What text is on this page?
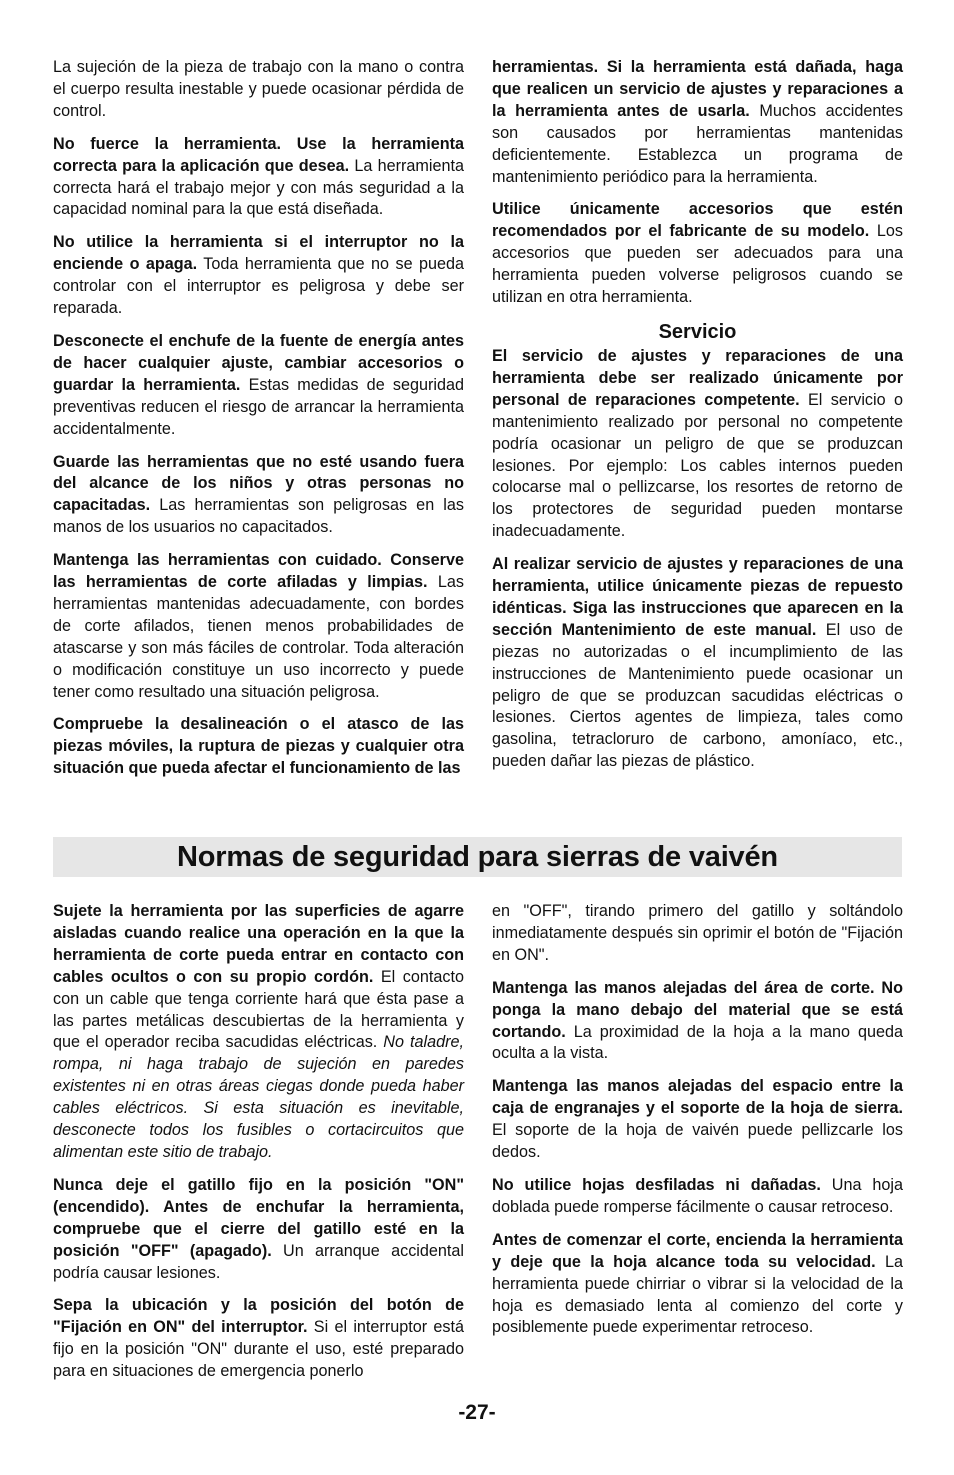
La sujeción de la pieza de trabajo con la mano o contra el cuerpo resulta inestable y puede ocasionar pérdida de control.

No fuerce la herramienta. Use la herramienta correcta para la aplicación que desea. La herramienta correcta hará el trabajo mejor y con más seguridad a la capacidad nominal para la que está diseñada.

No utilice la herramienta si el interruptor no la enciende o apaga. Toda herramienta que no se pueda controlar con el interruptor es peligrosa y debe ser reparada.

Desconecte el enchufe de la fuente de energía antes de hacer cualquier ajuste, cambiar accesorios o guardar la herramienta. Estas medidas de seguridad preventivas reducen el riesgo de arrancar la herramienta accidentalmente.

Guarde las herramientas que no esté usando fuera del alcance de los niños y otras personas no capacitadas. Las herramientas son peligrosas en las manos de los usuarios no capacitados.

Mantenga las herramientas con cuidado. Conserve las herramientas de corte afiladas y limpias. Las herramientas mantenidas adecuadamente, con bordes de corte afilados, tienen menos probabilidades de atascarse y son más fáciles de controlar. Toda alteración o modificación constituye un uso incorrecto y puede tener como resultado una situación peligrosa.

Compruebe la desalineación o el atasco de las piezas móviles, la ruptura de piezas y cualquier otra situación que pueda afectar el funcionamiento de las

herramientas. Si la herramienta está dañada, haga que realicen un servicio de ajustes y reparaciones a la herramienta antes de usarla. Muchos accidentes son causados por herramientas mantenidas deficientemente. Establezca un programa de mantenimiento periódico para la herramienta.

Utilice únicamente accesorios que estén recomendados por el fabricante de su modelo. Los accesorios que pueden ser adecuados para una herramienta pueden volverse peligrosos cuando se utilizan en otra herramienta.

Servicio

El servicio de ajustes y reparaciones de una herramienta debe ser realizado únicamente por personal de reparaciones competente. El servicio o mantenimiento realizado por personal no competente podría ocasionar un peligro de que se produzcan lesiones. Por ejemplo: Los cables internos pueden colocarse mal o pellizcarse, los resortes de retorno de los protectores de seguridad pueden montarse inadecuadamente.

Al realizar servicio de ajustes y reparaciones de una herramienta, utilice únicamente piezas de repuesto idénticas. Siga las instrucciones que aparecen en la sección Mantenimiento de este manual. El uso de piezas no autorizadas o el incumplimiento de las instrucciones de Mantenimiento puede ocasionar un peligro de que se produzcan sacudidas eléctricas o lesiones. Ciertos agentes de limpieza, tales como gasolina, tetracloruro de carbono, amoníaco, etc., pueden dañar las piezas de plástico.

Normas de seguridad para sierras de vaivén

Sujete la herramienta por las superficies de agarre aisladas cuando realice una operación en la que la herramienta de corte pueda entrar en contacto con cables ocultos o con su propio cordón. El contacto con un cable que tenga corriente hará que ésta pase a las partes metálicas descubiertas de la herramienta y que el operador reciba sacudidas eléctricas. No taladre, rompa, ni haga trabajo de sujeción en paredes existentes ni en otras áreas ciegas donde pueda haber cables eléctricos. Si esta situación es inevitable, desconecte todos los fusibles o cortacircuitos que alimentan este sitio de trabajo.

Nunca deje el gatillo fijo en la posición "ON" (encendido). Antes de enchufar la herramienta, compruebe que el cierre del gatillo esté en la posición "OFF" (apagado). Un arranque accidental podría causar lesiones.

Sepa la ubicación y la posición del botón de "Fijación en ON" del interruptor. Si el interruptor está fijo en la posición "ON" durante el uso, esté preparado para en situaciones de emergencia ponerlo

en "OFF", tirando primero del gatillo y soltándolo inmediatamente después sin oprimir el botón de "Fijación en ON".

Mantenga las manos alejadas del área de corte. No ponga la mano debajo del material que se está cortando. La proximidad de la hoja a la mano queda oculta a la vista.

Mantenga las manos alejadas del espacio entre la caja de engranajes y el soporte de la hoja de sierra. El soporte de la hoja de vaivén puede pellizcarle los dedos.

No utilice hojas desfiladas ni dañadas. Una hoja doblada puede romperse fácilmente o causar retroceso.

Antes de comenzar el corte, encienda la herramienta y deje que la hoja alcance toda su velocidad. La herramienta puede chirriar o vibrar si la velocidad de la hoja es demasiado lenta al comienzo del corte y posiblemente puede experimentar retroceso.

-27-
